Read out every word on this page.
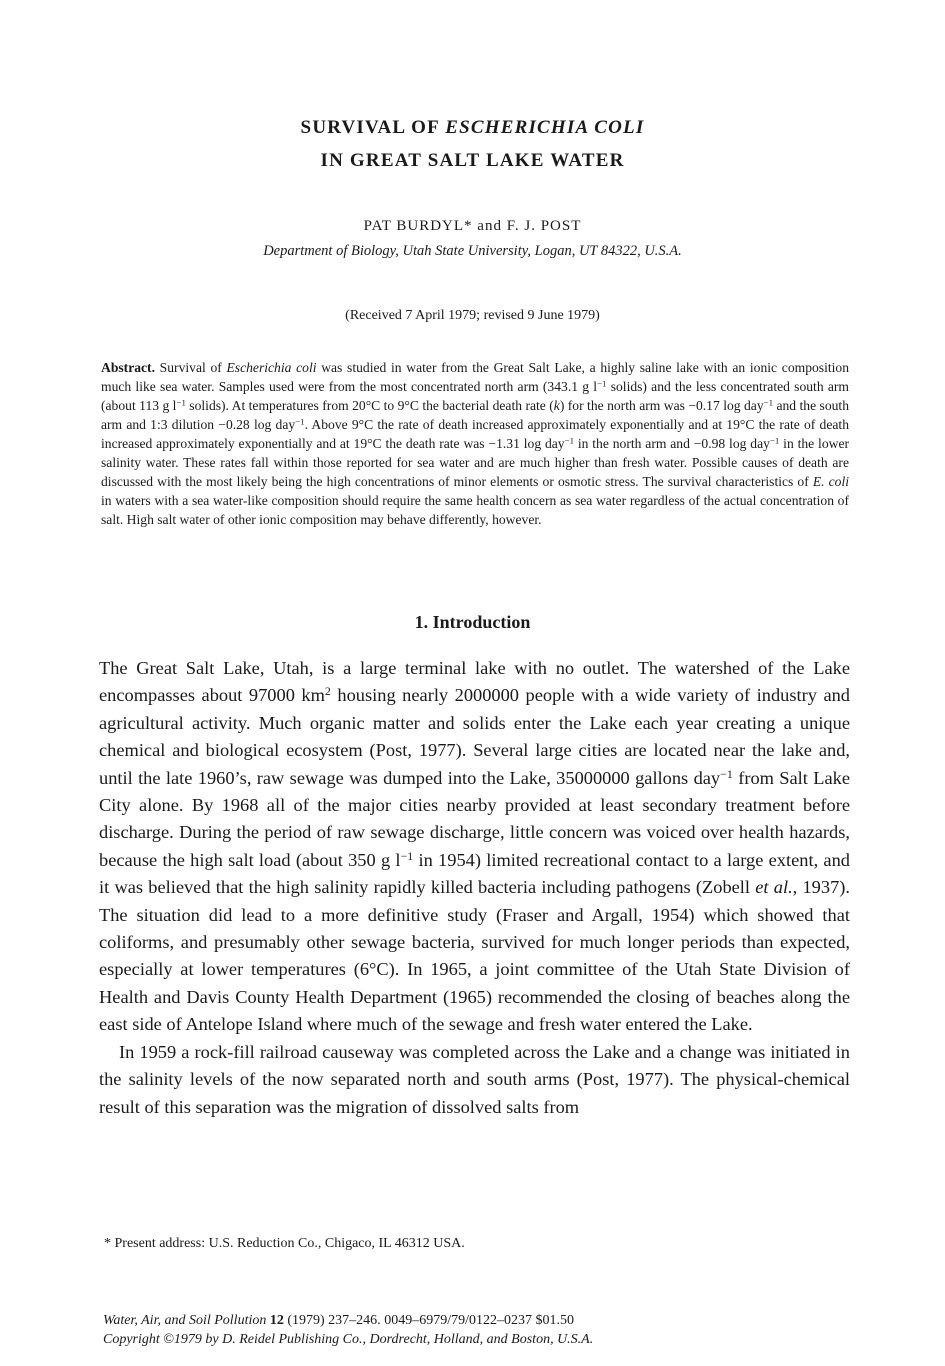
SURVIVAL OF ESCHERICHIA COLI
IN GREAT SALT LAKE WATER
PAT BURDYL* and F. J. POST
Department of Biology, Utah State University, Logan, UT 84322, U.S.A.
(Received 7 April 1979; revised 9 June 1979)
Abstract. Survival of Escherichia coli was studied in water from the Great Salt Lake, a highly saline lake with an ionic composition much like sea water. Samples used were from the most concentrated north arm (343.1 g $l^{-1}$ solids) and the less concentrated south arm (about 113 g $l^{-1}$ solids). At temperatures from 20°C to 9°C the bacterial death rate (k) for the north arm was −0.17 log day$^{-1}$ and the south arm and 1:3 dilution −0.28 log day$^{-1}$. Above 9°C the rate of death increased approximately exponentially and at 19°C the rate of death increased approximately exponentially and at 19°C the death rate was −1.31 log day$^{-1}$ in the north arm and −0.98 log day$^{-1}$ in the lower salinity water. These rates fall within those reported for sea water and are much higher than fresh water. Possible causes of death are discussed with the most likely being the high concentrations of minor elements or osmotic stress. The survival characteristics of E. coli in waters with a sea water-like composition should require the same health concern as sea water regardless of the actual concentration of salt. High salt water of other ionic composition may behave differently, however.
1. Introduction

The Great Salt Lake, Utah, is a large terminal lake with no outlet. The watershed of the Lake encompasses about 97000 $km^2$ housing nearly 2000000 people with a wide variety of industry and agricultural activity. Much organic matter and solids enter the Lake each year creating a unique chemical and biological ecosystem (Post, 1977). Several large cities are located near the lake and, until the late 1960’s, raw sewage was dumped into the Lake, 35000000 gallons day$^{-1}$ from Salt Lake City alone. By 1968 all of the major cities nearby provided at least secondary treatment before discharge. During the period of raw sewage discharge, little concern was voiced over health hazards, because the high salt load (about 350 g $l^{-1}$ in 1954) limited recreational contact to a large extent, and it was believed that the high salinity rapidly killed bacteria including pathogens (Zobell et al., 1937). The situation did lead to a more definitive study (Fraser and Argall, 1954) which showed that coliforms, and presumably other sewage bacteria, survived for much longer periods than expected, especially at lower temperatures (6°C). In 1965, a joint committee of the Utah State Division of Health and Davis County Health Department (1965) recommended the closing of beaches along the east side of Antelope Island where much of the sewage and fresh water entered the Lake.

In 1959 a rock-fill railroad causeway was completed across the Lake and a change was initiated in the salinity levels of the now separated north and south arms (Post, 1977). The physical-chemical result of this separation was the migration of dissolved salts from

* Present address: U.S. Reduction Co., Chigaco, IL 46312 USA.
Water, Air, and Soil Pollution 12 (1979) 237–246. 0049–6979/79/0122–0237 $01.50
Copyright ©1979 by D. Reidel Publishing Co., Dordrecht, Holland, and Boston, U.S.A.
